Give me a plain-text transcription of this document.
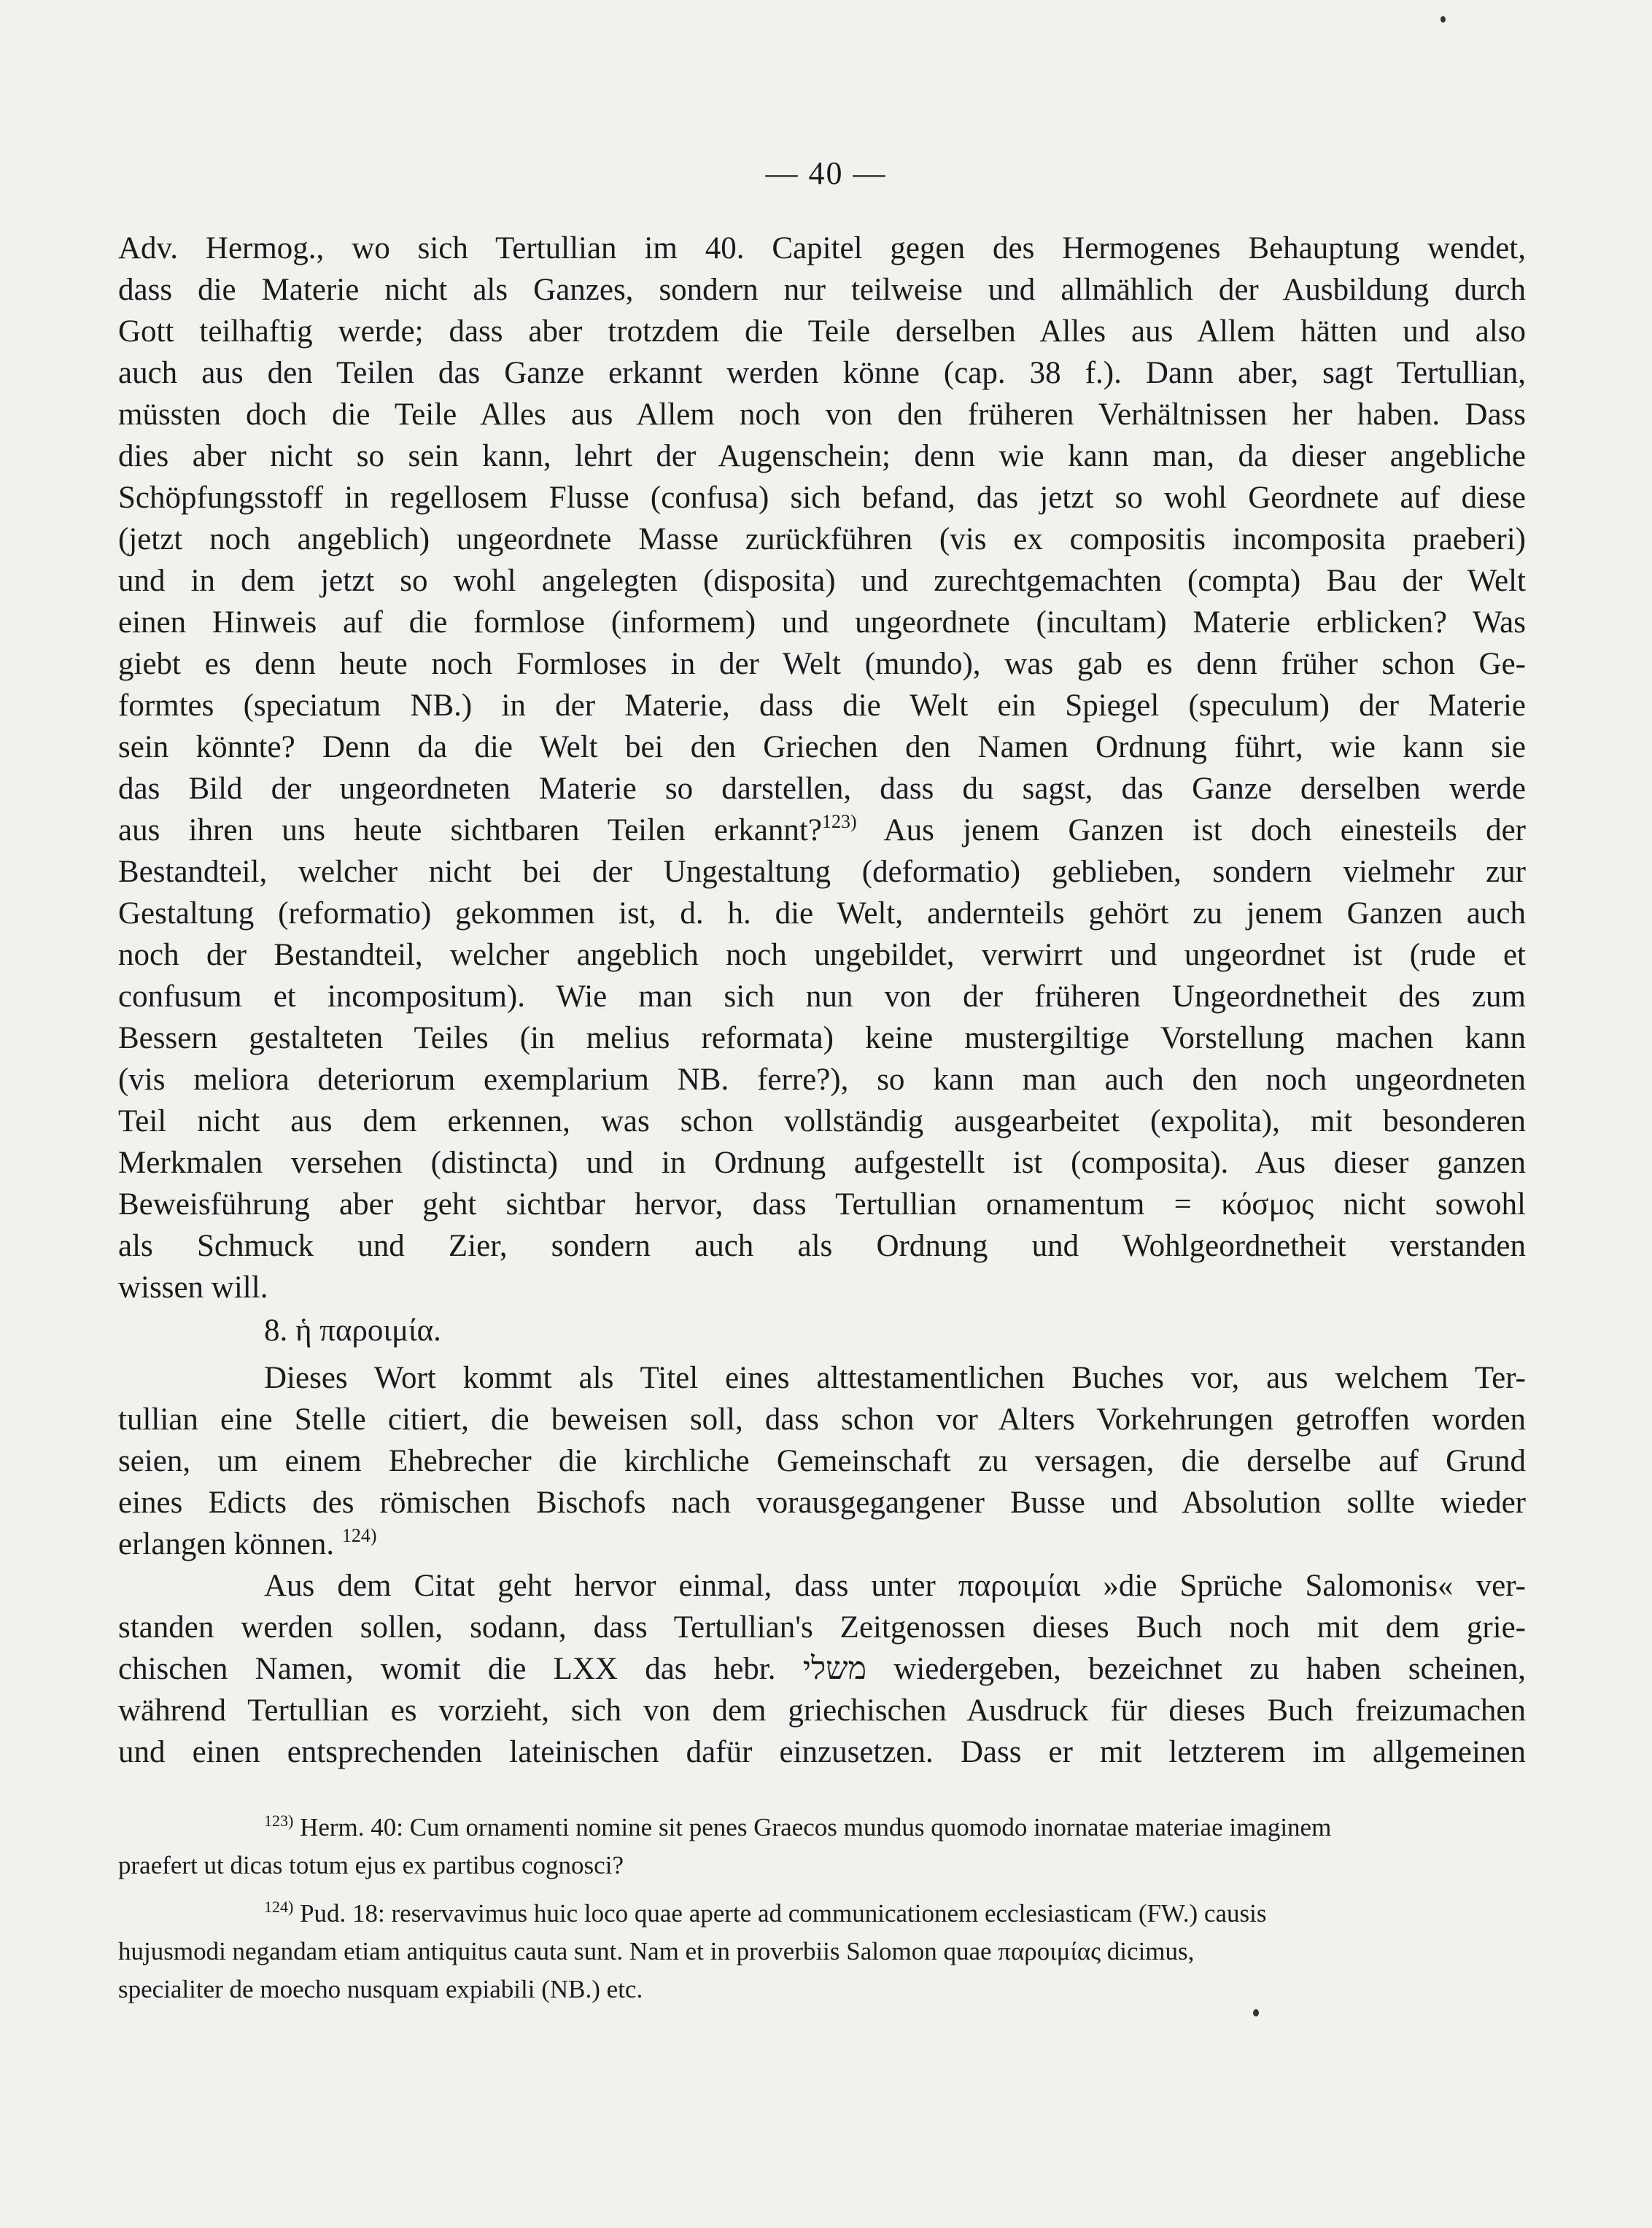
— 40 —

Adv. Hermog., wo sich Tertullian im 40. Capitel gegen des Hermogenes Behauptung wendet,

dass die Materie nicht als Ganzes, sondern nur teilweise und allmählich der Ausbildung durch

Gott teilhaftig werde; dass aber trotzdem die Teile derselben Alles aus Allem hätten und also

auch aus den Teilen das Ganze erkannt werden könne (cap. 38 f.). Dann aber, sagt Tertullian,

müssten doch die Teile Alles aus Allem noch von den früheren Verhältnissen her haben. Dass

dies aber nicht so sein kann, lehrt der Augenschein; denn wie kann man, da dieser angebliche

Schöpfungsstoff in regellosem Flusse (confusa) sich befand, das jetzt so wohl Geordnete auf diese

(jetzt noch angeblich) ungeordnete Masse zurückführen (vis ex compositis incomposita praeberi)

und in dem jetzt so wohl angelegten (disposita) und zurechtgemachten (compta) Bau der Welt

einen Hinweis auf die formlose (informem) und ungeordnete (incultam) Materie erblicken? Was

giebt es denn heute noch Formloses in der Welt (mundo), was gab es denn früher schon Ge-

formtes (speciatum NB.) in der Materie, dass die Welt ein Spiegel (speculum) der Materie

sein könnte? Denn da die Welt bei den Griechen den Namen Ordnung führt, wie kann sie

das Bild der ungeordneten Materie so darstellen, dass du sagst, das Ganze derselben werde

aus ihren uns heute sichtbaren Teilen erkannt?$^{123)}$ Aus jenem Ganzen ist doch einesteils der

Bestandteil, welcher nicht bei der Ungestaltung (deformatio) geblieben, sondern vielmehr zur

Gestaltung (reformatio) gekommen ist, d. h. die Welt, andernteils gehört zu jenem Ganzen auch

noch der Bestandteil, welcher angeblich noch ungebildet, verwirrt und ungeordnet ist (rude et

confusum et incompositum). Wie man sich nun von der früheren Ungeordnetheit des zum

Bessern gestalteten Teiles (in melius reformata) keine mustergiltige Vorstellung machen kann

(vis meliora deteriorum exemplarium NB. ferre?), so kann man auch den noch ungeordneten

Teil nicht aus dem erkennen, was schon vollständig ausgearbeitet (expolita), mit besonderen

Merkmalen versehen (distincta) und in Ordnung aufgestellt ist (composita). Aus dieser ganzen

Beweisführung aber geht sichtbar hervor, dass Tertullian ornamentum = κόσμος nicht sowohl

als Schmuck und Zier, sondern auch als Ordnung und Wohlgeordnetheit verstanden

wissen will.

8. ἡ παροιμία.

Dieses Wort kommt als Titel eines alttestamentlichen Buches vor, aus welchem Ter-

tullian eine Stelle citiert, die beweisen soll, dass schon vor Alters Vorkehrungen getroffen worden

seien, um einem Ehebrecher die kirchliche Gemeinschaft zu versagen, die derselbe auf Grund

eines Edicts des römischen Bischofs nach vorausgegangener Busse und Absolution sollte wieder

erlangen können. $^{124)}$

Aus dem Citat geht hervor einmal, dass unter παροιμίαι »die Sprüche Salomonis« ver-

standen werden sollen, sodann, dass Tertullian's Zeitgenossen dieses Buch noch mit dem grie-

chischen Namen, womit die LXX das hebr. משלי wiedergeben, bezeichnet zu haben scheinen,

während Tertullian es vorzieht, sich von dem griechischen Ausdruck für dieses Buch freizumachen

und einen entsprechenden lateinischen dafür einzusetzen. Dass er mit letzterem im allgemeinen

$^{123)}$ Herm. 40: Cum ornamenti nomine sit penes Graecos mundus quomodo inornatae materiae imaginem
praefert ut dicas totum ejus ex partibus cognosci?

$^{124)}$ Pud. 18: reservavimus huic loco quae aperte ad communicationem ecclesiasticam (FW.) causis
hujusmodi negandam etiam antiquitus cauta sunt. Nam et in proverbiis Salomon quae παροιμίας dicimus,
specialiter de moecho nusquam expiabili (NB.) etc.
